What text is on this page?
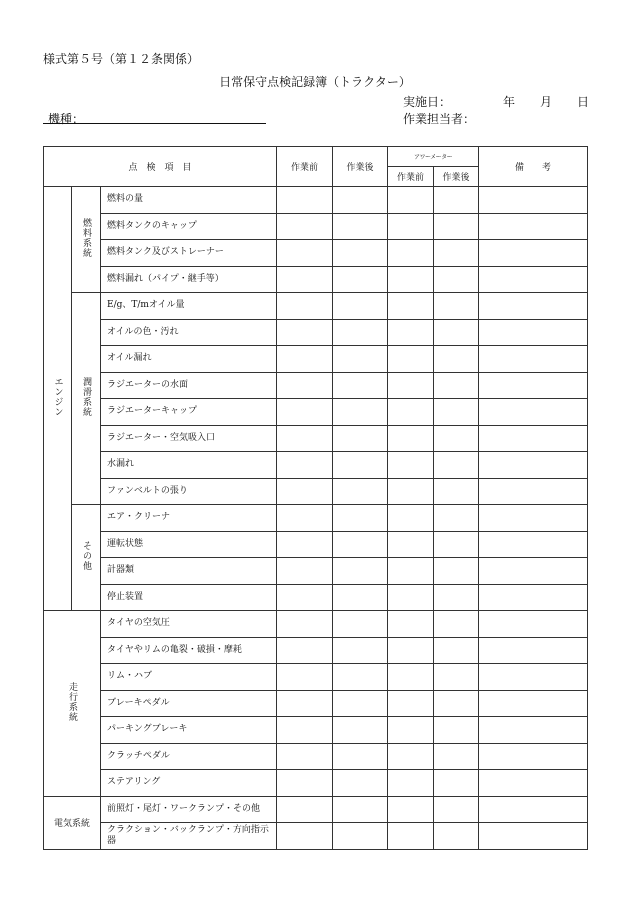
様式第５号（第１２条関係）
日常保守点検記録簿（トラクター）
実施日：	年 月 日
機種：	作業担当者：
点　検　項　目			作業前	作業後	アワーメーター		備　　考
					作業前	作業後	
エンジン	燃料系統	燃料の量					
		燃料タンクのキャップ					
		燃料タンク及びストレーナー					
		燃料漏れ（パイプ・継手等）					
	潤滑系統	E/g、T/mオイル量					
		オイルの色・汚れ					
		オイル漏れ					
		ラジエーターの水面					
		ラジエーターキャップ					
		ラジエーター・空気吸入口					
		水漏れ					
		ファンベルトの張り					
	その他	エア・クリーナ					
		運転状態					
		計器類					
		停止装置					
走行系統		タイヤの空気圧					
		タイヤやリムの亀裂・破損・摩耗					
		リム・ハブ					
		ブレーキペダル					
		パーキングブレーキ					
		クラッチペダル					
		ステアリング					
電気系統		前照灯・尾灯・ワークランプ・その他					
		クラクション・バックランプ・方向指示器					
